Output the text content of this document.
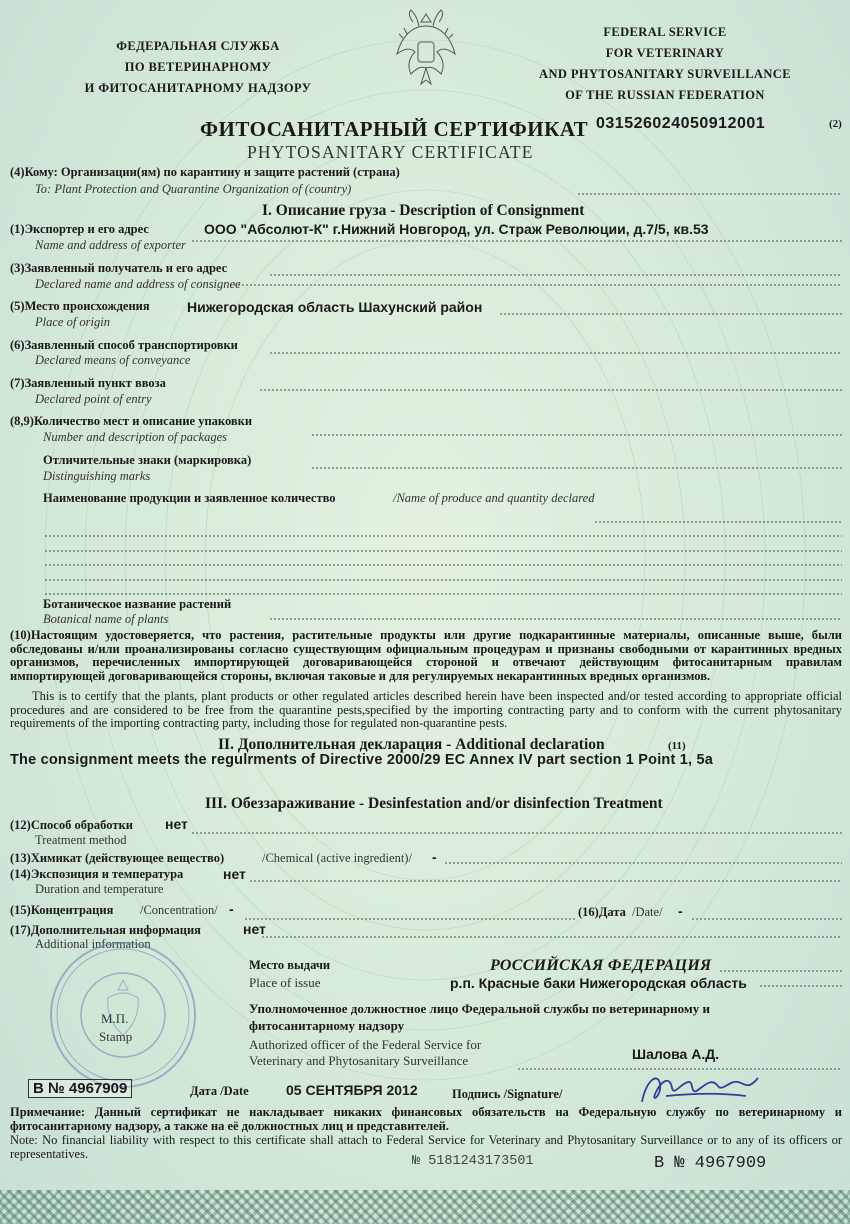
ФЕДЕРАЛЬНАЯ СЛУЖБА
ПО ВЕТЕРИНАРНОМУ
И ФИТОСАНИТАРНОМУ НАДЗОРУ
FEDERAL SERVICE
FOR VETERINARY
AND PHYTOSANITARY SURVEILLANCE
OF THE RUSSIAN FEDERATION
ФИТОСАНИТАРНЫЙ СЕРТИФИКАТ
PHYTOSANITARY CERTIFICATE
031526024050912001	(2)
(4)Кому: Организации(ям) по карантину и защите растений (страна)
To: Plant Protection and Quarantine Organization of (country)
I. Описание груза - Description of Consignment
(1)Экспортер и его адрес
Name and address of exporter
ООО "Абсолют-К" г.Нижний Новгород, ул. Страж Революции, д.7/5, кв.53
(3)Заявленный получатель и его адрес
Declared name and address of consignee
(5)Место происхождения
Place of origin
Нижегородская область Шахунский район
(6)Заявленный способ транспортировки
Declared means of conveyance
(7)Заявленный пункт ввоза
Declared point of entry
(8,9)Количество мест и описание упаковки
Number and description of packages
Отличительные знаки (маркировка)
Distinguishing marks
Наименование продукции и заявленное количество	/Name of produce and quantity declared
Ботаническое название растений
Botanical name of plants
(10)Настоящим удостоверяется, что растения, растительные продукты или другие подкарантинные материалы, описанные выше, были обследованы и/или проанализированы согласно существующим официальным процедурам и признаны свободными от карантинных вредных организмов, перечисленных импортирующей договаривающейся стороной и отвечают действующим фитосанитарным правилам импортирующей договаривающейся стороны, включая таковые и для регулируемых некарантинных вредных организмов.
This is to certify that the plants, plant products or other regulated articles described herein have been inspected and/or tested according to appropriate official procedures and are considered to be free from the quarantine pests,specified by the importing contracting party and to conform with the current phytosanitary requirements of the importing contracting party, including those for regulated non-quarantine pests.
II. Дополнительная декларация - Additional declaration	(11)
The consignment meets the regulrments of Directive 2000/29 EC Annex IV part section 1 Point 1, 5a
III. Обеззараживание - Desinfestation and/or disinfection Treatment
(12)Способ обработки
Treatment method
нет
(13)Химикат (действующее вещество)	/Chemical (active ingredient)/ -
(14)Экспозиция и температура
Duration and temperature
нет
(15)Концентрация /Concentration/ -	(16)Дата /Date/ -
(17)Дополнительная информация
Additional information
нет
М.П.
Stamp
Место выдачи
Place of issue
РОССИЙСКАЯ ФЕДЕРАЦИЯ
р.п. Красные баки Нижегородская область
Уполномоченное должностное лицо Федеральной службы по ветеринарному и
фитосанитарному надзору
Authorized officer of the Federal Service for
Veterinary and Phytosanitary Surveillance	Шалова А.Д.
В № 4967909	Дата /Date	05 СЕНТЯБРЯ 2012	Подпись /Signature/
Примечание: Данный сертификат не накладывает никаких финансовых обязательств на Федеральную службу по ветеринарному и фитосанитарному надзору, а также на её должностных лиц и представителей.
Note: No financial liability with respect to this certificate shall attach to Federal Service for Veterinary and Phytosanitary Surveillance or to any of its officers or representatives.
№ 5181243173501	В № 4967909
